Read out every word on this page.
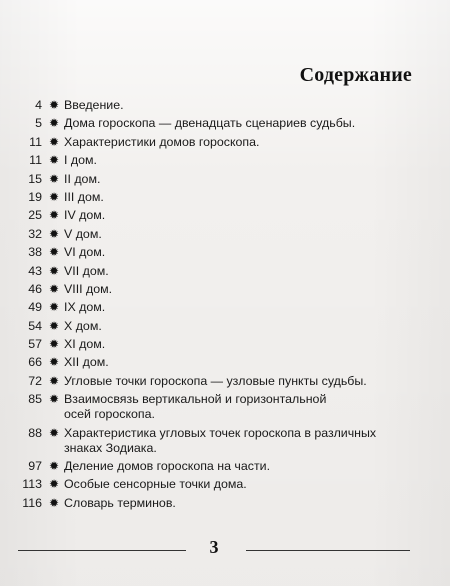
Содержание
4 ✹ Введение.
5 ✹ Дома гороскопа — двенадцать сценариев судьбы.
11 ✹ Характеристики домов гороскопа.
11 ✹ I дом.
15 ✹ II дом.
19 ✹ III дом.
25 ✹ IV дом.
32 ✹ V дом.
38 ✹ VI дом.
43 ✹ VII дом.
46 ✹ VIII дом.
49 ✹ IX дом.
54 ✹ X дом.
57 ✹ XI дом.
66 ✹ XII дом.
72 ✹ Угловые точки гороскопа — узловые пункты судьбы.
85 ✹ Взаимосвязь вертикальной и горизонтальной
осей гороскопа.
88 ✹ Характеристика угловых точек гороскопа в различных
знаках Зодиака.
97 ✹ Деление домов гороскопа на части.
113 ✹ Особые сенсорные точки дома.
116 ✹ Словарь терминов.
3
